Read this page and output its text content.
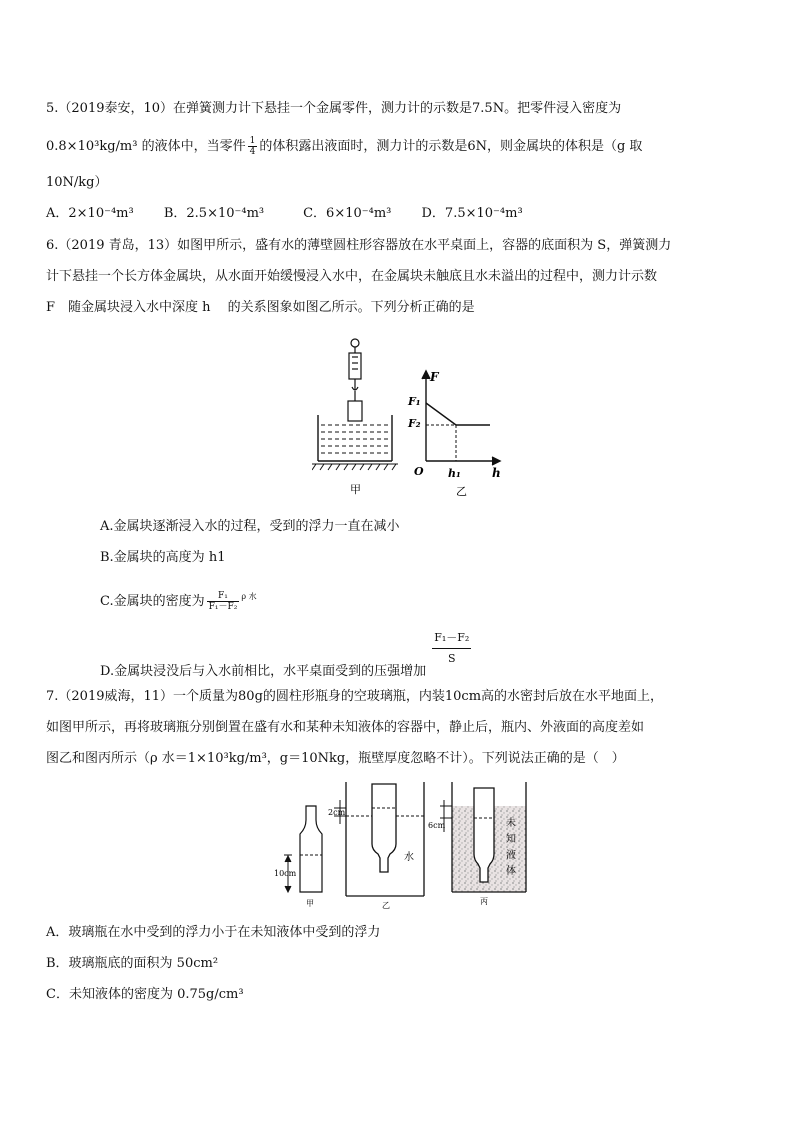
5.（2019泰安，10）在弹簧测力计下悬挂一个金属零件，测力计的示数是7.5N。把零件浸入密度为
0.8×10³kg/m³ 的液体中，当零件 $\frac{1}{4}$ 的体积露出液面时，测力计的示数是6N，则金属块的体积是（g 取
10N/kg）
A．2×10⁻⁴m³　　 B．2.5×10⁻⁴m³　　　C．6×10⁻⁴m³　　 D．7.5×10⁻⁴m³
6.（2019 青岛，13）如图甲所示，盛有水的薄壁圆柱形容器放在水平桌面上，容器的底面积为 S，弹簧测力
计下悬挂一个长方体金属块，从水面开始缓慢浸入水中，在金属块未触底且水未溢出的过程中，测力计示数
F　随金属块浸入水中深度 h　 的关系图象如图乙所示。下列分析正确的是
甲
F
F₁
F₂
O h₁	h
乙
A.金属块逐渐浸入水的过程，受到的浮力一直在减小
B.金属块的高度为 h1
C.金属块的密度为 $\frac{\text{F₁}}{\text{F₁－F₂}} ^{\rho 水}$
D.金属块浸没后与入水前相比，水平桌面受到的压强增加
$\frac{\text{F₁－F₂}}{S}$
7.（2019威海，11）一个质量为80g的圆柱形瓶身的空玻璃瓶，内装10cm高的水密封后放在水平地面上，
如图甲所示，再将玻璃瓶分别倒置在盛有水和某种未知液体的容器中，静止后，瓶内、外液面的高度差如
图乙和图丙所示（ρ 水＝1×10³kg/m³，g＝10Nkg，瓶壁厚度忽略不计）。下列说法正确的是（　）
10cm
甲
2cm
水
乙
6cm	未
知
液
体
丙
A．玻璃瓶在水中受到的浮力小于在未知液体中受到的浮力
B．玻璃瓶底的面积为 50cm²
C．未知液体的密度为 0.75g/cm³
